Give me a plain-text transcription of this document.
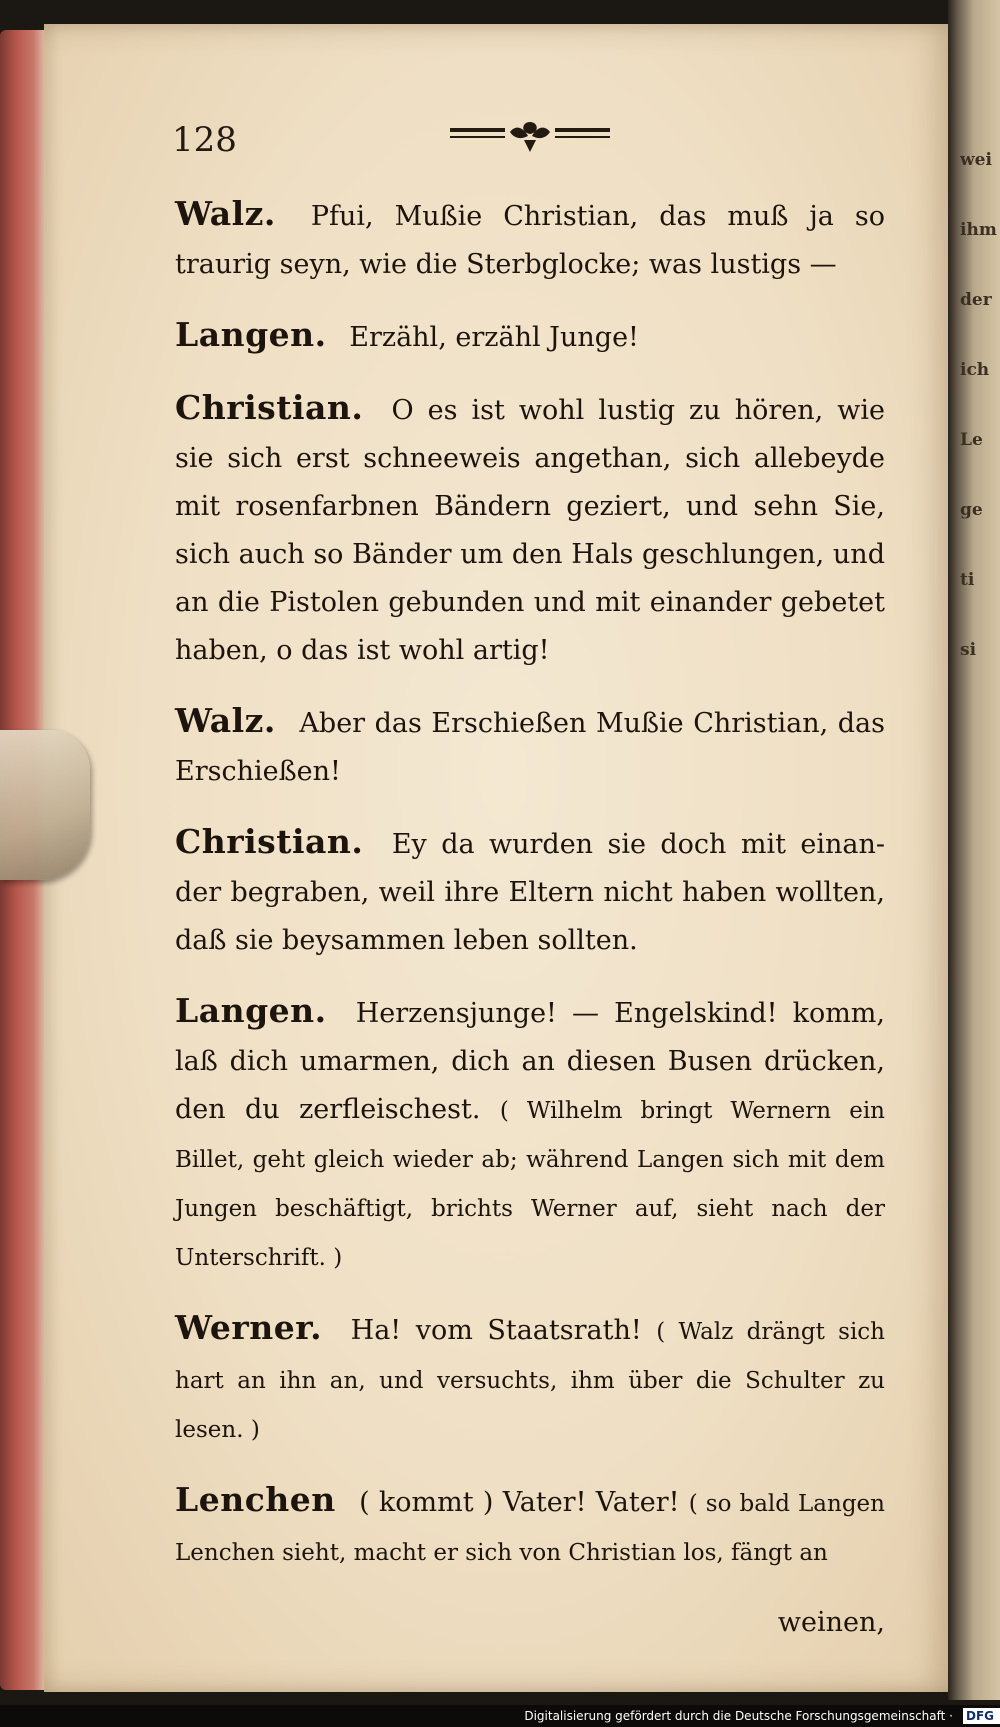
wei
ihm
der
ich
Le
ge
ti
si
128

Walz. Pfui, Mußie Christian, das muß ja so traurig seyn, wie die Sterbglocke; was lustigs —

Langen. Erzähl, erzähl Junge!

Christian. O es ist wohl lustig zu hören, wie sie sich erst schneeweis angethan, sich allebeyde mit rosenfarbnen Bändern geziert, und sehn Sie, sich auch so Bänder um den Hals geschlungen, und an die Pistolen gebunden und mit einander gebetet haben, o das ist wohl artig!

Walz. Aber das Erschießen Mußie Christian, das Erschießen!

Christian. Ey da wurden sie doch mit einan- der begraben, weil ihre Eltern nicht haben wollten, daß sie beysammen leben sollten.

Langen. Herzensjunge! — Engelskind! komm, laß dich umarmen, dich an diesen Busen drücken, den du zerfleischest. ( Wilhelm bringt Wernern ein Billet, geht gleich wieder ab; während Langen sich mit dem Jungen beschäftigt, brichts Werner auf, sieht nach der Unterschrift. )

Werner. Ha! vom Staatsrath! ( Walz drängt sich hart an ihn an, und versuchts, ihm über die Schulter zu lesen. )

Lenchen ( kommt ) Vater! Vater! ( so bald Langen Lenchen sieht, macht er sich von Christian los, fängt an

weinen,
Digitalisierung gefördert durch die Deutsche Forschungsgemeinschaft · DFG
